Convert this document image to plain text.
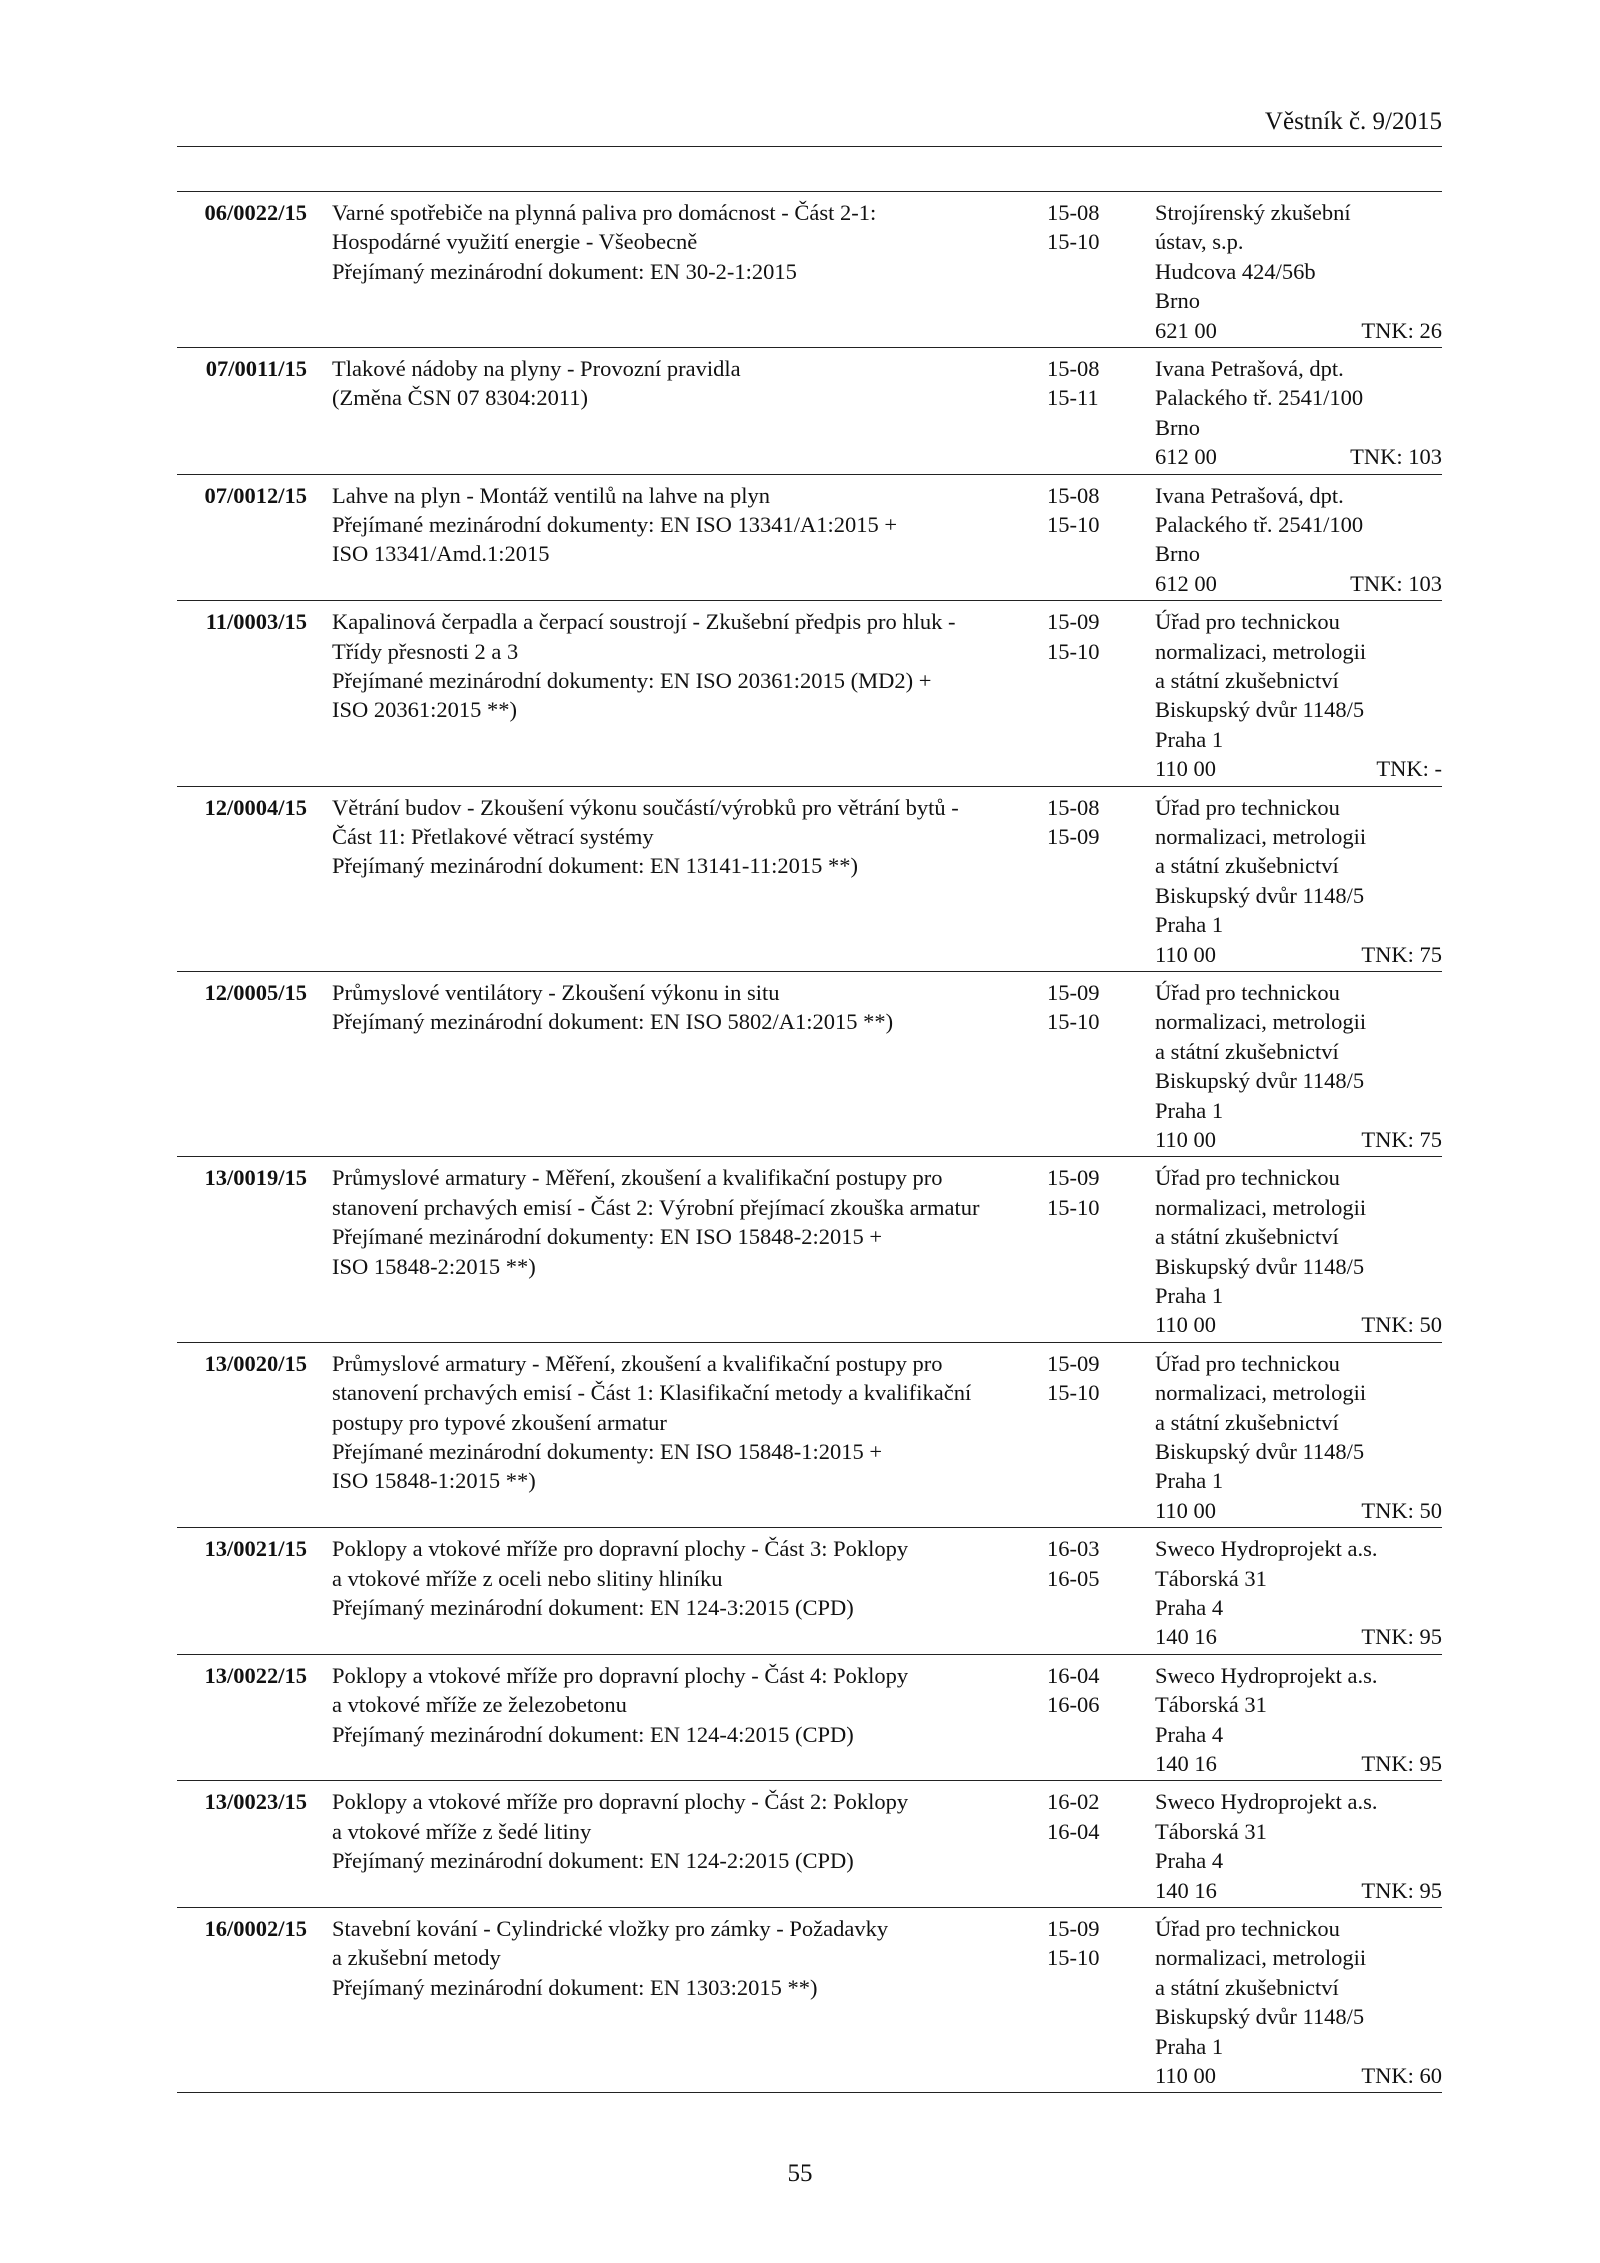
Věstník č. 9/2015
06/0022/15
TNK: 26
Varné spotřebiče na plynná paliva pro domácnost - Část 2-1:
Hospodárné využití energie - Všeobecně
Přejímaný mezinárodní dokument: EN 30-2-1:2015
15-08
15-10
Strojírenský zkušební
ústav, s.p.
Hudcova 424/56b
Brno
621 00
07/0011/15
TNK: 103
Tlakové nádoby na plyny - Provozní pravidla
(Změna ČSN 07 8304:2011)
15-08
15-11
Ivana Petrašová, dpt.
Palackého tř. 2541/100
Brno
612 00
07/0012/15
TNK: 103
Lahve na plyn - Montáž ventilů na lahve na plyn
Přejímané mezinárodní dokumenty: EN ISO 13341/A1:2015 +
ISO 13341/Amd.1:2015
15-08
15-10
Ivana Petrašová, dpt.
Palackého tř. 2541/100
Brno
612 00
11/0003/15
TNK: -
Kapalinová čerpadla a čerpací soustrojí - Zkušební předpis pro hluk -
Třídy přesnosti 2 a 3
Přejímané mezinárodní dokumenty: EN ISO 20361:2015 (MD2) +
ISO 20361:2015 **)
15-09
15-10
Úřad pro technickou
normalizaci, metrologii
a státní zkušebnictví
Biskupský dvůr 1148/5
Praha 1
110 00
12/0004/15
TNK: 75
Větrání budov - Zkoušení výkonu součástí/výrobků pro větrání bytů -
Část 11: Přetlakové větrací systémy
Přejímaný mezinárodní dokument: EN 13141-11:2015 **)
15-08
15-09
Úřad pro technickou
normalizaci, metrologii
a státní zkušebnictví
Biskupský dvůr 1148/5
Praha 1
110 00
12/0005/15
TNK: 75
Průmyslové ventilátory - Zkoušení výkonu in situ
Přejímaný mezinárodní dokument: EN ISO 5802/A1:2015 **)
15-09
15-10
Úřad pro technickou
normalizaci, metrologii
a státní zkušebnictví
Biskupský dvůr 1148/5
Praha 1
110 00
13/0019/15
TNK: 50
Průmyslové armatury - Měření, zkoušení a kvalifikační postupy pro
stanovení prchavých emisí - Část 2: Výrobní přejímací zkouška armatur
Přejímané mezinárodní dokumenty: EN ISO 15848-2:2015 +
ISO 15848-2:2015 **)
15-09
15-10
Úřad pro technickou
normalizaci, metrologii
a státní zkušebnictví
Biskupský dvůr 1148/5
Praha 1
110 00
13/0020/15
TNK: 50
Průmyslové armatury - Měření, zkoušení a kvalifikační postupy pro
stanovení prchavých emisí - Část 1: Klasifikační metody a kvalifikační
postupy pro typové zkoušení armatur
Přejímané mezinárodní dokumenty: EN ISO 15848-1:2015 +
ISO 15848-1:2015 **)
15-09
15-10
Úřad pro technickou
normalizaci, metrologii
a státní zkušebnictví
Biskupský dvůr 1148/5
Praha 1
110 00
13/0021/15
TNK: 95
Poklopy a vtokové mříže pro dopravní plochy - Část 3: Poklopy
a vtokové mříže z oceli nebo slitiny hliníku
Přejímaný mezinárodní dokument: EN 124-3:2015 (CPD)
16-03
16-05
Sweco Hydroprojekt a.s.
Táborská 31
Praha 4
140 16
13/0022/15
TNK: 95
Poklopy a vtokové mříže pro dopravní plochy - Část 4: Poklopy
a vtokové mříže ze železobetonu
Přejímaný mezinárodní dokument: EN 124-4:2015 (CPD)
16-04
16-06
Sweco Hydroprojekt a.s.
Táborská 31
Praha 4
140 16
13/0023/15
TNK: 95
Poklopy a vtokové mříže pro dopravní plochy - Část 2: Poklopy
a vtokové mříže z šedé litiny
Přejímaný mezinárodní dokument: EN 124-2:2015 (CPD)
16-02
16-04
Sweco Hydroprojekt a.s.
Táborská 31
Praha 4
140 16
16/0002/15
TNK: 60
Stavební kování - Cylindrické vložky pro zámky - Požadavky
a zkušební metody
Přejímaný mezinárodní dokument: EN 1303:2015 **)
15-09
15-10
Úřad pro technickou
normalizaci, metrologii
a státní zkušebnictví
Biskupský dvůr 1148/5
Praha 1
110 00
55
